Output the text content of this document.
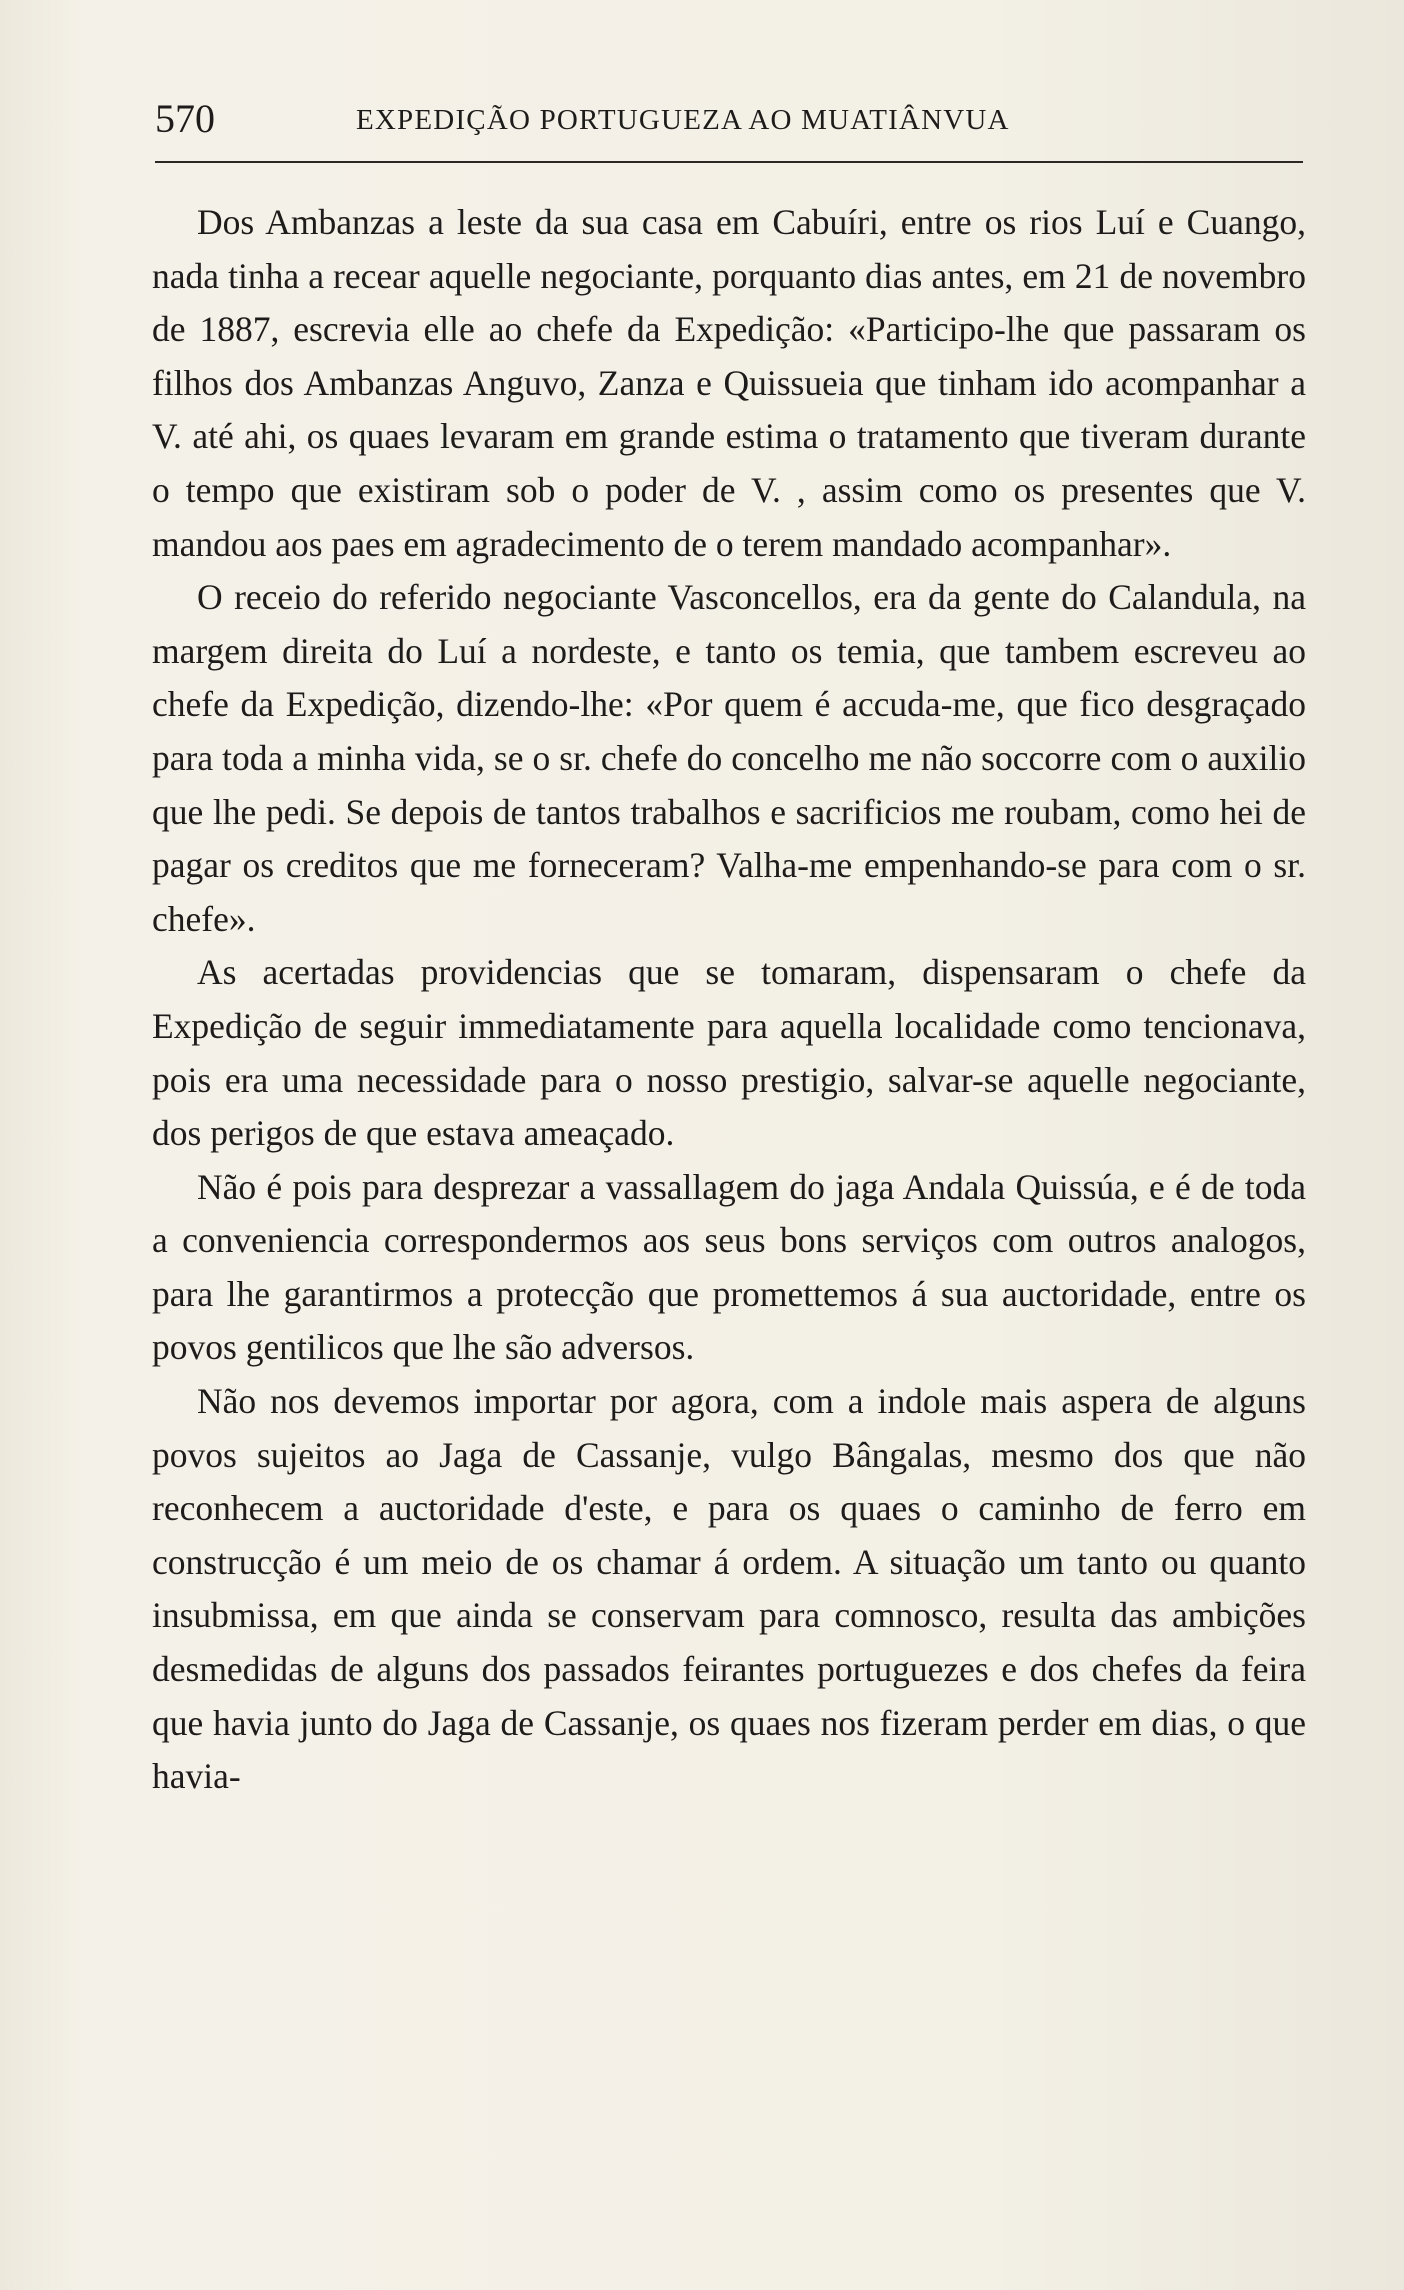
570	EXPEDIÇÃO PORTUGUEZA AO MUATIÂNVUA

Dos Ambanzas a leste da sua casa em Cabuíri, entre os rios Luí e Cuango, nada tinha a recear aquelle negociante, porquanto dias antes, em 21 de novembro de 1887, escrevia elle ao chefe da Expedição: «Participo-lhe que passaram os filhos dos Ambanzas Anguvo, Zanza e Quissueia que tinham ido acompanhar a V. até ahi, os quaes levaram em grande estima o tratamento que tiveram durante o tempo que existiram sob o poder de V. , assim como os presentes que V. mandou aos paes em agradecimento de o terem mandado acompanhar».

O receio do referido negociante Vasconcellos, era da gente do Calandula, na margem direita do Luí a nordeste, e tanto os temia, que tambem escreveu ao chefe da Expedição, dizendo-lhe: «Por quem é accuda-me, que fico desgraçado para toda a minha vida, se o sr. chefe do concelho me não soccorre com o auxilio que lhe pedi. Se depois de tantos trabalhos e sacrificios me roubam, como hei de pagar os creditos que me forneceram? Valha-me empenhando-se para com o sr. chefe».

As acertadas providencias que se tomaram, dispensaram o chefe da Expedição de seguir immediatamente para aquella localidade como tencionava, pois era uma necessidade para o nosso prestigio, salvar-se aquelle negociante, dos perigos de que estava ameaçado.

Não é pois para desprezar a vassallagem do jaga Andala Quissúa, e é de toda a conveniencia correspondermos aos seus bons serviços com outros analogos, para lhe garantirmos a protecção que promettemos á sua auctoridade, entre os povos gentilicos que lhe são adversos.

Não nos devemos importar por agora, com a indole mais aspera de alguns povos sujeitos ao Jaga de Cassanje, vulgo Bângalas, mesmo dos que não reconhecem a auctoridade d'este, e para os quaes o caminho de ferro em construcção é um meio de os chamar á ordem. A situação um tanto ou quanto insubmissa, em que ainda se conservam para comnosco, resulta das ambições desmedidas de alguns dos passados feirantes portuguezes e dos chefes da feira que havia junto do Jaga de Cassanje, os quaes nos fizeram perder em dias, o que havia-
